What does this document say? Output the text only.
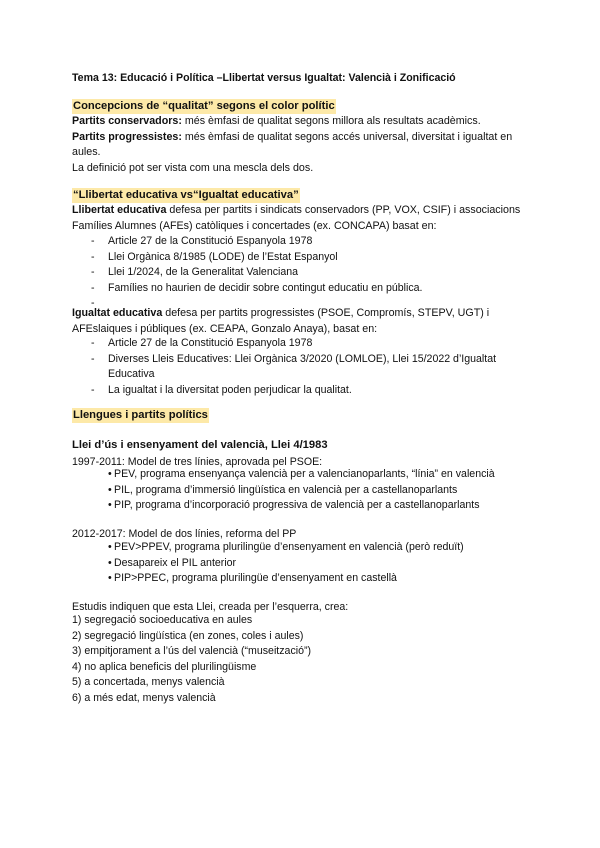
Tema 13: Educació i Política –Llibertat versus Igualtat: Valencià i Zonificació
Concepcions de “qualitat” segons el color polític
Partits conservadors: més èmfasi de qualitat segons millora als resultats acadèmics.
Partits progressistes: més èmfasi de qualitat segons accés universal, diversitat i igualtat en aules.
La definició pot ser vista com una mescla dels dos.
“Llibertat educativa vs“Igualtat educativa”
Llibertat educativa defesa per partits i sindicats conservadors (PP, VOX, CSIF) i associacions Famílies Alumnes (AFEs) catòliques i concertades (ex. CONCAPA) basat en:
- Article 27 de la Constitució Espanyola 1978
- Llei Orgànica 8/1985 (LODE) de l’Estat Espanyol
- Llei 1/2024, de la Generalitat Valenciana
- Famílies no haurien de decidir sobre contingut educatiu en pública.
-
Igualtat educativa defesa per partits progressistes (PSOE, Compromís, STEPV, UGT) i AFEslaiques i públiques (ex. CEAPA, Gonzalo Anaya), basat en:
- Article 27 de la Constitució Espanyola 1978
- Diverses Lleis Educatives: Llei Orgànica 3/2020 (LOMLOE), Llei 15/2022 d’Igualtat Educativa
- La igualtat i la diversitat poden perjudicar la qualitat.
Llengues i partits polítics
Llei d’ús i ensenyament del valencià, Llei 4/1983
1997-2011: Model de tres línies, aprovada pel PSOE:
• PEV, programa ensenyança valencià per a valencianoparlants, “línia” en valencià
• PIL, programa d’immersió lingüística en valencià per a castellanoparlants
• PIP, programa d’incorporació progressiva de valencià per a castellanoparlants
2012-2017: Model de dos línies, reforma del PP
• PEV>PPEV, programa plurilingüe d’ensenyament en valencià (però reduït)
• Desapareix el PIL anterior
• PIP>PPEC, programa plurilingüe d’ensenyament en castellà
Estudis indiquen que esta Llei, creada per l’esquerra, crea:
1) segregació socioeducativa en aules
2) segregació lingüística (en zones, coles i aules)
3) empitjorament a l’ús del valencià (“museització”)
4) no aplica beneficis del plurilingüisme
5) a concertada, menys valencià
6) a més edat, menys valencià
